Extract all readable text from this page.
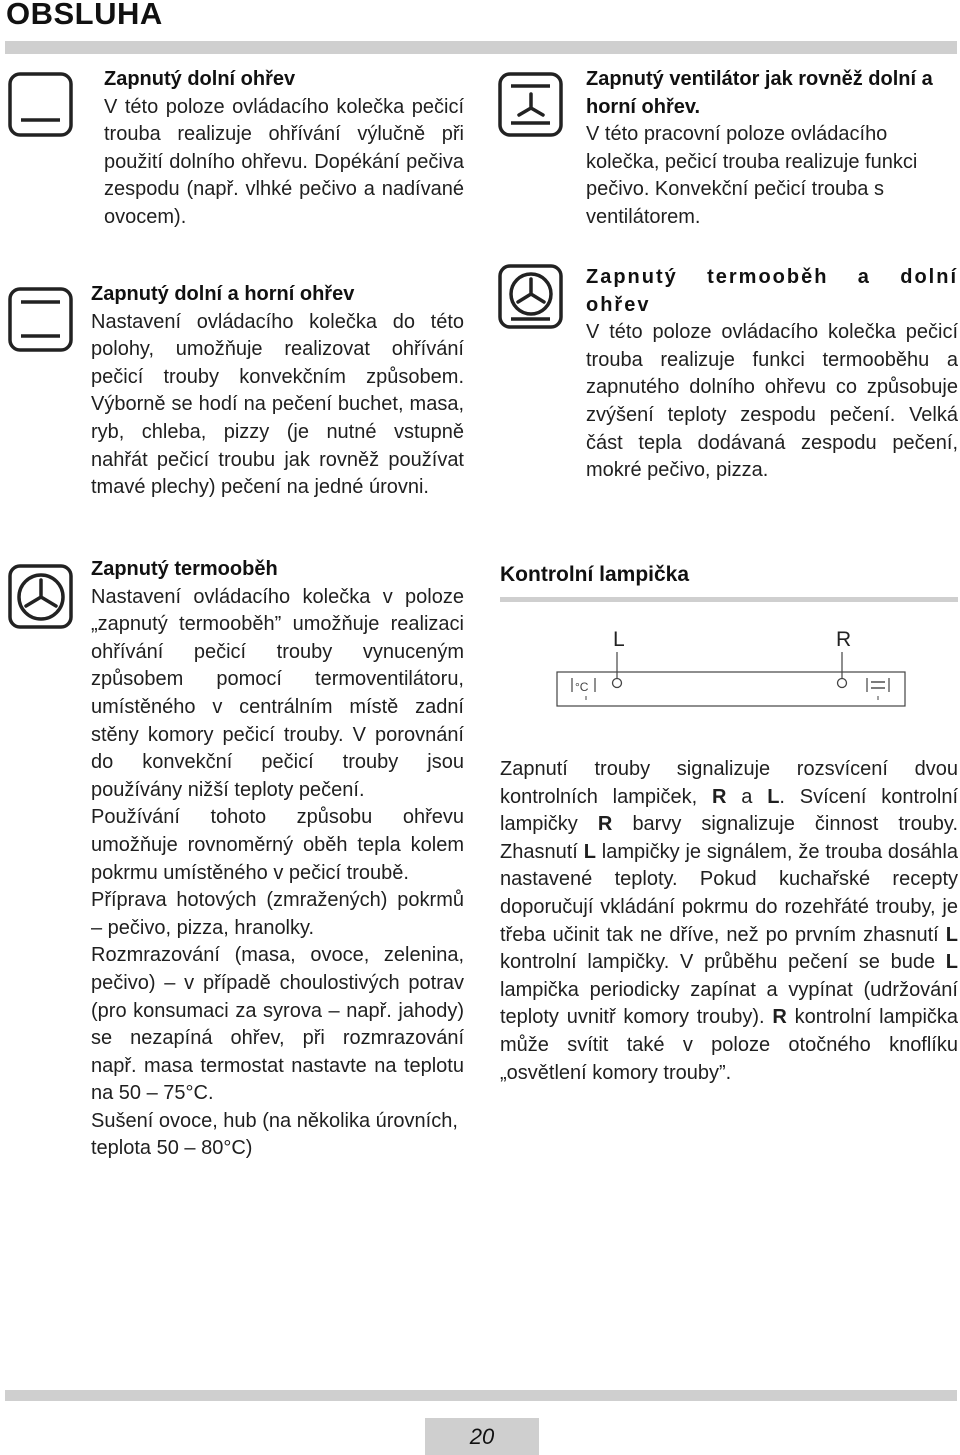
OBSLUHA

Zapnutý dolní ohřev
V této poloze ovládacího kolečka pečicí trouba realizuje ohřívání výlučně při použití dolního ohřevu. Dopékání pečiva zespodu (např. vlhké pečivo a nadívané ovocem).

Zapnutý dolní a horní ohřev
Nastavení ovládacího kolečka do této polohy, umožňuje realizovat ohřívání pečicí trouby konvekčním způsobem. Výborně se hodí na pečení buchet, masa, ryb, chleba, pizzy (je nutné vstupně nahřát pečicí troubu jak rovněž používat tmavé plechy) pečení na jedné úrovni.

Zapnutý termooběh
Nastavení ovládacího kolečka v poloze „zapnutý termooběh” umožňuje realizaci ohřívání pečicí trouby vynuceným způsobem pomocí termoventilátoru, umístěného v centrálním místě zadní stěny komory pečicí trouby. V porovnání do konvekční pečicí trouby jsou používány nižší teploty pečení.
Používání tohoto způsobu ohřevu umožňuje rovnoměrný oběh tepla kolem pokrmu umístěného v pečicí troubě.
Příprava hotových (zmražených) pokrmů – pečivo, pizza, hranolky.
Rozmrazování (masa, ovoce, zelenina, pečivo) – v případě choulostivých potrav (pro konsumaci za syrova – např. jahody) se nezapíná ohřev, při rozmrazování např. masa termostat nastavte na teplotu na 50 – 75°C.
Sušení ovoce, hub (na několika úrovních, teplota 50 – 80°C)

Zapnutý ventilátor jak rovněž dolní a horní ohřev.
V této pracovní poloze ovládacího kolečka, pečicí trouba realizuje funkci pečivo. Konvekční pečicí trouba s ventilátorem.

Zapnutý termooběh a dolní ohřev
V této poloze ovládacího kolečka pečicí trouba realizuje funkci termooběhu a zapnutého dolního ohřevu co způsobuje zvýšení teploty zespodu pečení. Velká část tepla dodávaná zespodu pečení, mokré pečivo, pizza.

Kontrolní lampička
L	R
°C

Zapnutí trouby signalizuje rozsvícení dvou kontrolních lampiček, R a L. Svícení kontrolní lampičky R barvy signalizuje činnost trouby. Zhasnutí L lampičky je signálem, že trouba dosáhla nastavené teploty. Pokud kuchařské recepty doporučují vkládání pokrmu do rozehřáté trouby, je třeba učinit tak ne dříve, než po prvním zhasnutí L kontrolní lampičky. V průběhu pečení se bude L lampička periodicky zapínat a vypínat (udržování teploty uvnitř komory trouby). R kontrolní lampička může svítit také v poloze otočného knoflíku „osvětlení komory trouby”.

20
